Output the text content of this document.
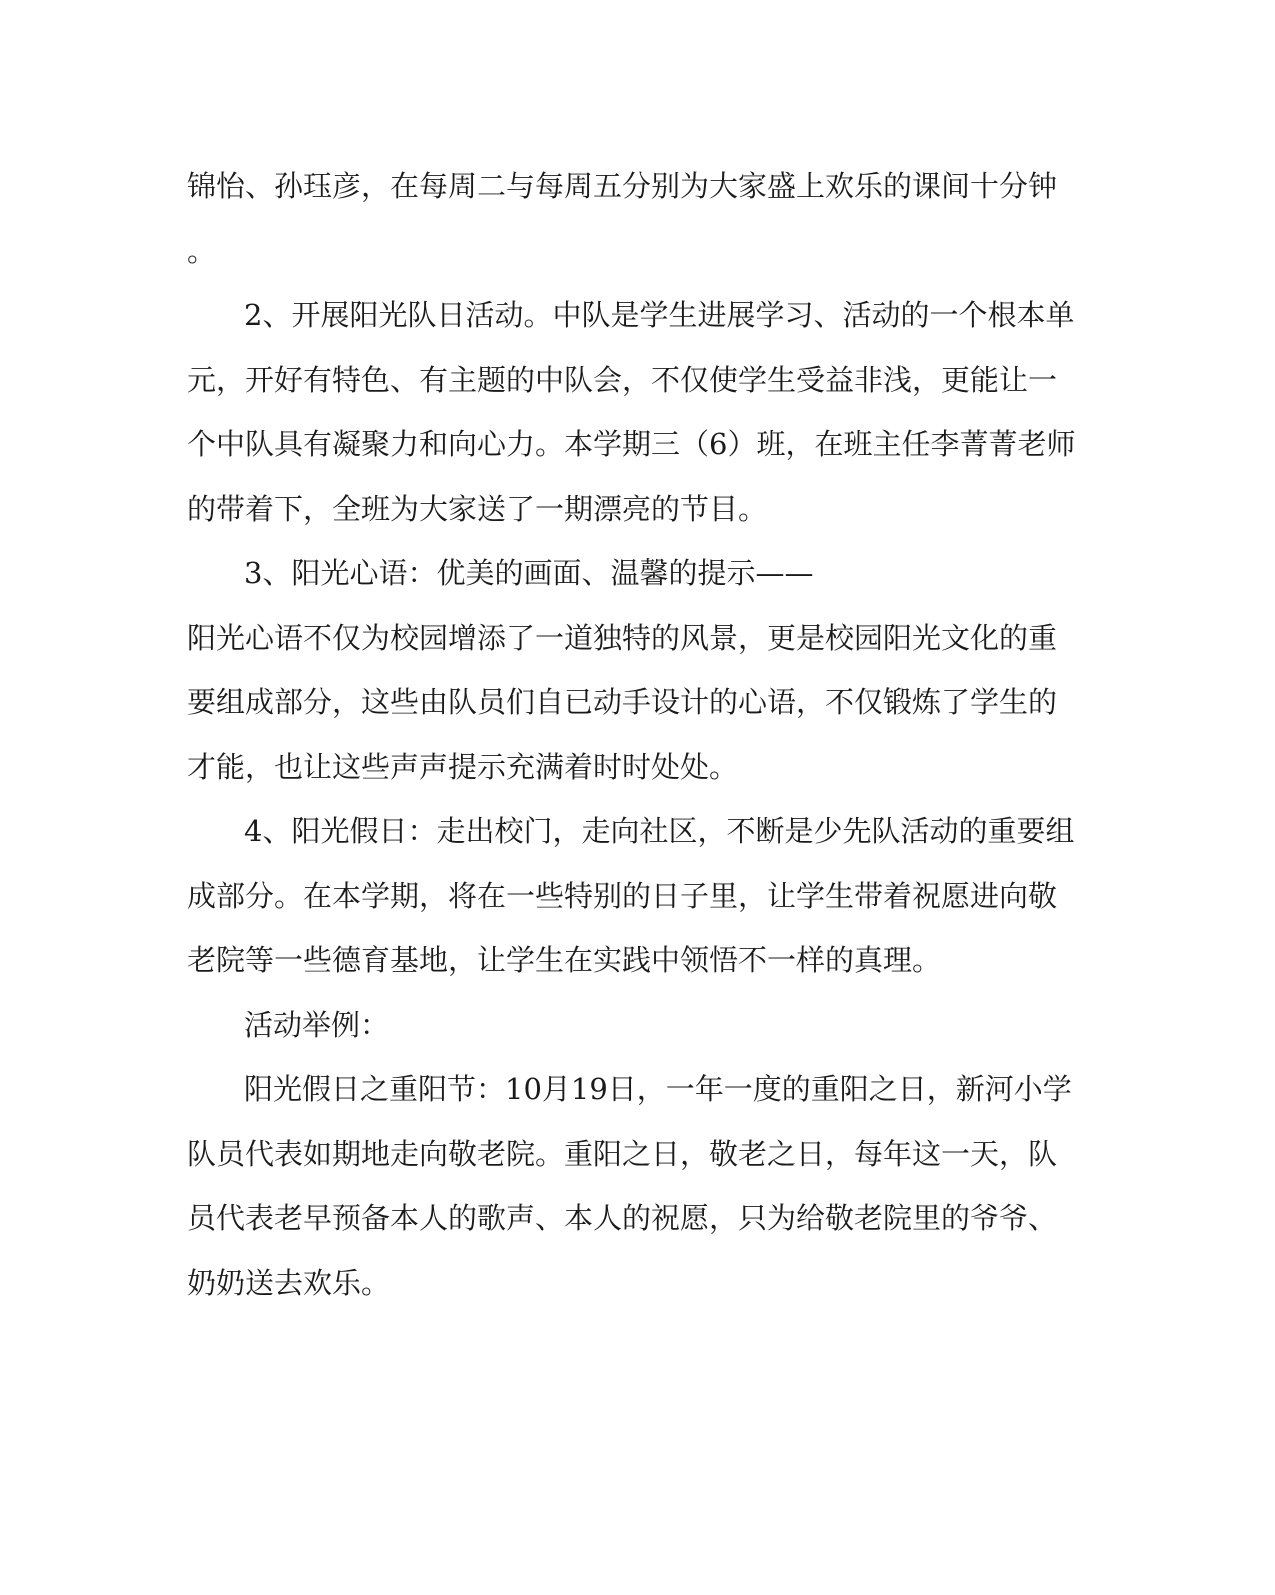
锦怡、孙珏彦，在每周二与每周五分别为大家盛上欢乐的课间十分钟
。
2、开展阳光队日活动。中队是学生进展学习、活动的一个根本单
元，开好有特色、有主题的中队会，不仅使学生受益非浅，更能让一
个中队具有凝聚力和向心力。本学期三（6）班，在班主任李菁菁老师
的带着下，全班为大家送了一期漂亮的节目。
3、阳光心语：优美的画面、温馨的提示——
阳光心语不仅为校园增添了一道独特的风景，更是校园阳光文化的重
要组成部分，这些由队员们自已动手设计的心语，不仅锻炼了学生的
才能，也让这些声声提示充满着时时处处。
4、阳光假日：走出校门，走向社区，不断是少先队活动的重要组
成部分。在本学期，将在一些特别的日子里，让学生带着祝愿进向敬
老院等一些德育基地，让学生在实践中领悟不一样的真理。
活动举例：
阳光假日之重阳节：10月19日，一年一度的重阳之日，新河小学
队员代表如期地走向敬老院。重阳之日，敬老之日，每年这一天，队
员代表老早预备本人的歌声、本人的祝愿，只为给敬老院里的爷爷、
奶奶送去欢乐。
